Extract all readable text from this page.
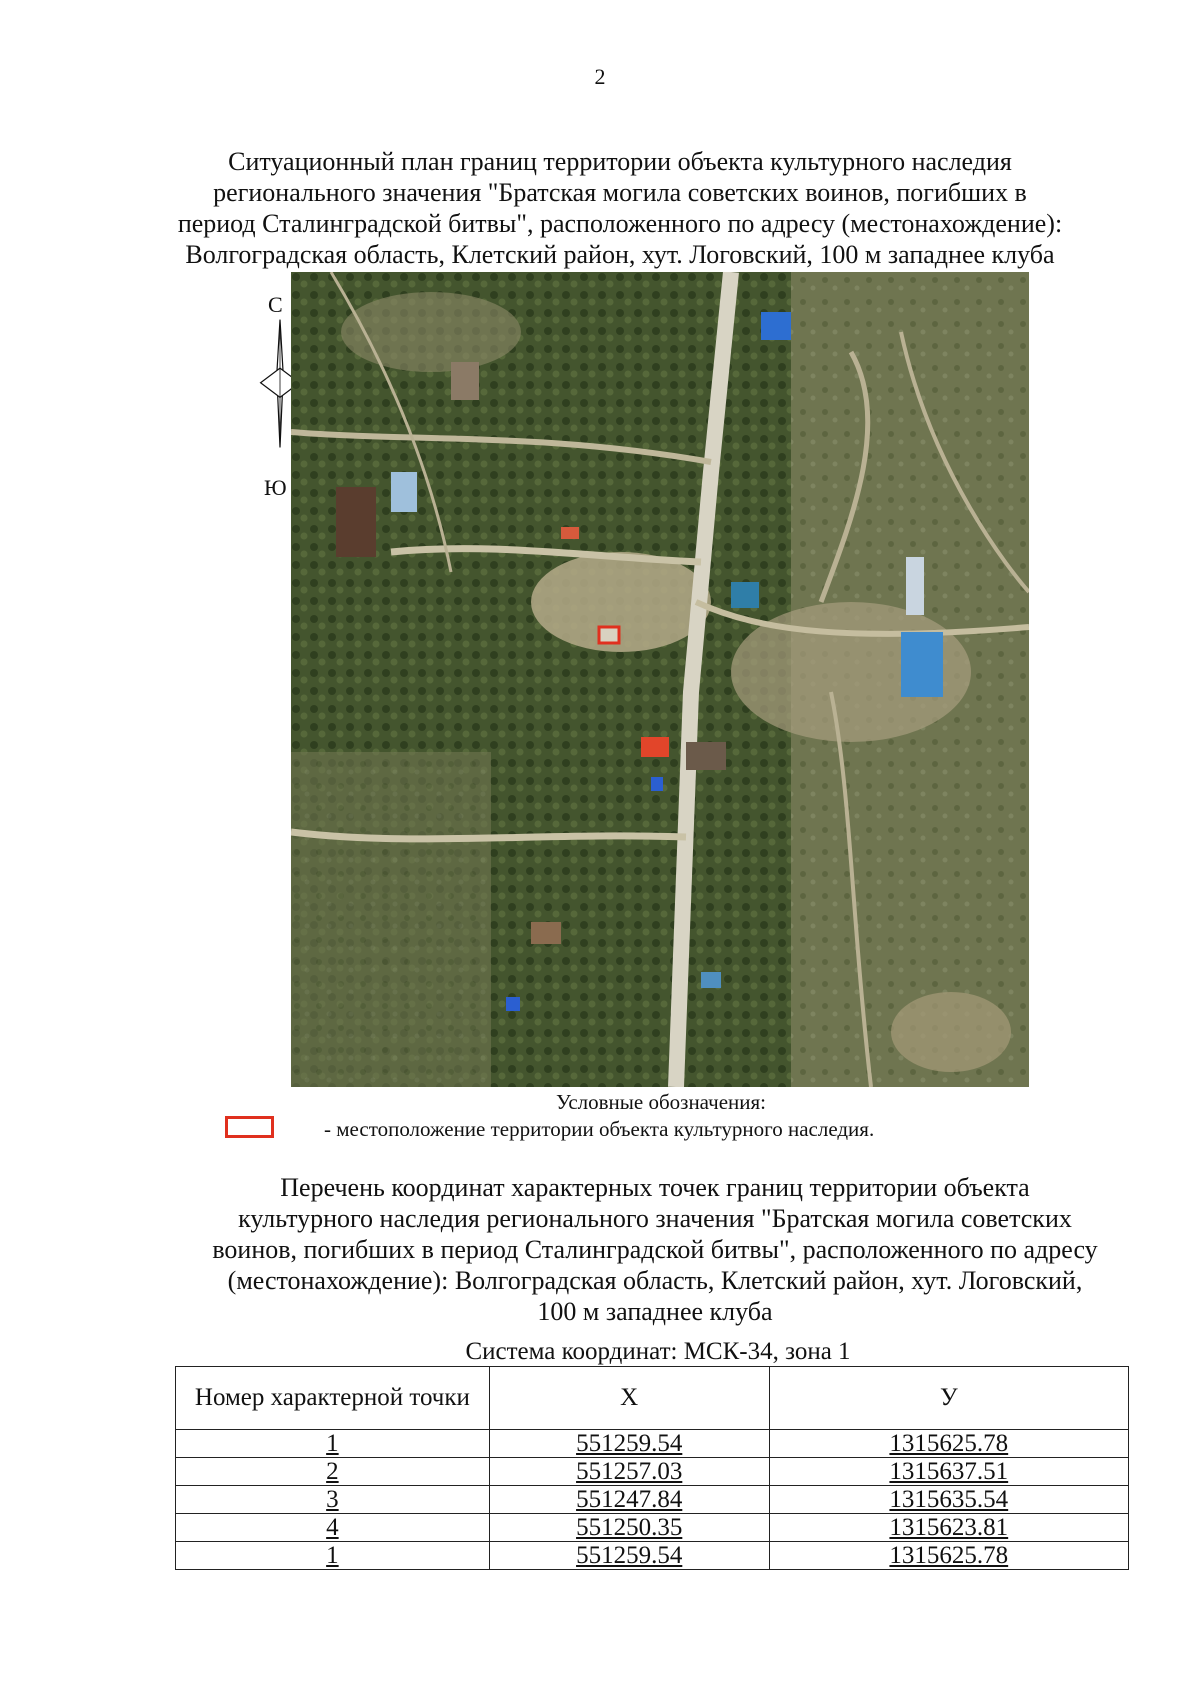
2
Ситуационный план границ территории объекта культурного наследия
регионального значения "Братская могила советских воинов, погибших в
период Сталинградской битвы", расположенного по адресу (местонахождение):
Волгоградская область, Клетский район, хут. Логовский, 100 м западнее клуба
С
Ю
Условные обозначения:
- местоположение территории объекта культурного наследия.
Перечень координат характерных точек границ территории объекта
культурного наследия регионального значения "Братская могила советских
воинов, погибших в период Сталинградской битвы", расположенного по адресу
(местонахождение): Волгоградская область, Клетский район, хут. Логовский,
100 м западнее клуба
Система координат: МСК-34, зона 1
Номер характерной точки	Х	У
1	551259.54	1315625.78
2	551257.03	1315637.51
3	551247.84	1315635.54
4	551250.35	1315623.81
1	551259.54	1315625.78
